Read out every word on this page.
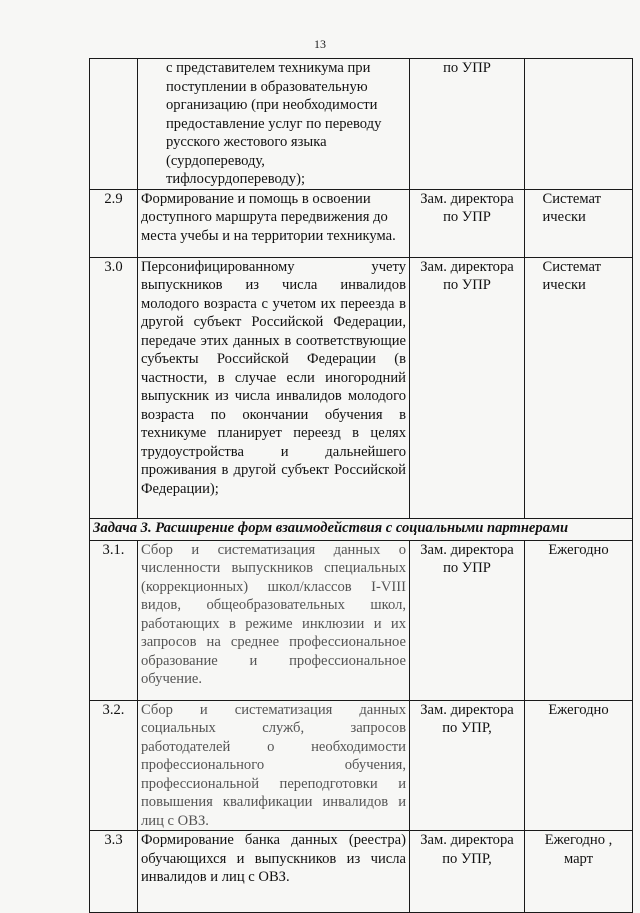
13
	с представителем техникума при поступлении в образовательную организацию (при необходимости предоставление услуг по переводу русского жестового языка (сурдопереводу, тифлосурдопереводу);	по УПР	
2.9	Формирование и помощь в освоении доступного маршрута передвижения до места учебы и на территории техникума.	Зам. директора по УПР	Системат ически
3.0	Персонифицированному учету выпускников из числа инвалидов молодого возраста с учетом их переезда в другой субъект Российской Федерации, передаче этих данных в соответствующие субъекты Российской Федерации (в частности, в случае если иногородний выпускник из числа инвалидов молодого возраста по окончании обучения в техникуме планирует переезд в целях трудоустройства и дальнейшего проживания в другой субъект Российской Федерации);	Зам. директора по УПР	Системат ически
Задача 3. Расширение форм взаимодействия с социальными партнерами			
3.1.	Сбор и систематизация данных о численности выпускников специальных (коррекционных) школ/классов I-VIII видов, общеобразовательных школ, работающих в режиме инклюзии и их запросов на среднее профессиональное образование и профессиональное обучение.	Зам. директора по УПР	Ежегодно
3.2.	Сбор и систематизация данных социальных служб, запросов работодателей о необходимости профессионального обучения, профессиональной переподготовки и повышения квалификации инвалидов и лиц с ОВЗ.	Зам. директора по УПР,	Ежегодно
3.3	Формирование банка данных (реестра) обучающихся и выпускников из числа инвалидов и лиц с ОВЗ.	Зам. директора по УПР,	Ежегодно , март
